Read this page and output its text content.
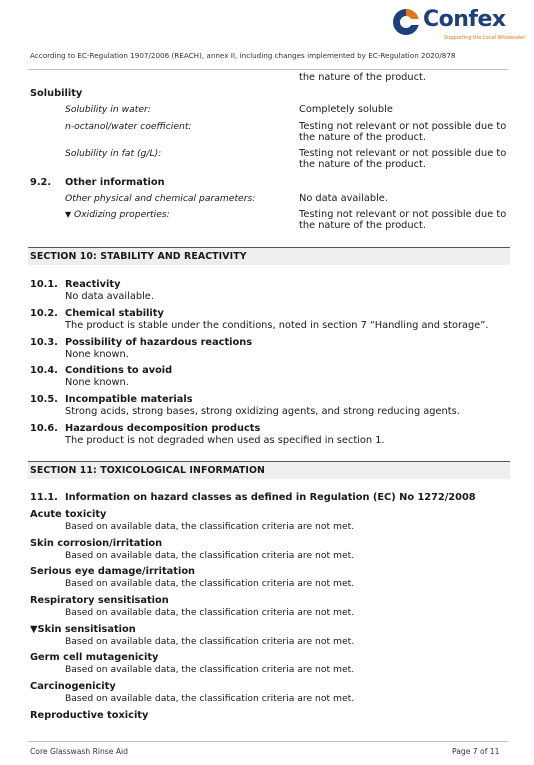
Confex
Supporting the Local Wholesaler
According to EC-Regulation 1907/2006 (REACH), annex II, including changes implemented by EC-Regulation 2020/878
the nature of the product.
Solubility
Solubility in water:	Completely soluble
n-octanol/water coefficient:	Testing not relevant or not possible due to
the nature of the product.
Solubility in fat (g/L):	Testing not relevant or not possible due to
the nature of the product.
9.2. Other information
Other physical and chemical parameters:	No data available.
▼ Oxidizing properties:	Testing not relevant or not possible due to
the nature of the product.
SECTION 10: STABILITY AND REACTIVITY
10.1. Reactivity
No data available.
10.2. Chemical stability
The product is stable under the conditions, noted in section 7 “Handling and storage”.
10.3. Possibility of hazardous reactions
None known.
10.4. Conditions to avoid
None known.
10.5. Incompatible materials
Strong acids, strong bases, strong oxidizing agents, and strong reducing agents.
10.6. Hazardous decomposition products
The product is not degraded when used as specified in section 1.
SECTION 11: TOXICOLOGICAL INFORMATION
11.1. Information on hazard classes as defined in Regulation (EC) No 1272/2008
Acute toxicity
Based on available data, the classification criteria are not met.
Skin corrosion/irritation
Based on available data, the classification criteria are not met.
Serious eye damage/irritation
Based on available data, the classification criteria are not met.
Respiratory sensitisation
Based on available data, the classification criteria are not met.
▼Skin sensitisation
Based on available data, the classification criteria are not met.
Germ cell mutagenicity
Based on available data, the classification criteria are not met.
Carcinogenicity
Based on available data, the classification criteria are not met.
Reproductive toxicity
Core Glasswash Rinse Aid	Page 7 of 11
